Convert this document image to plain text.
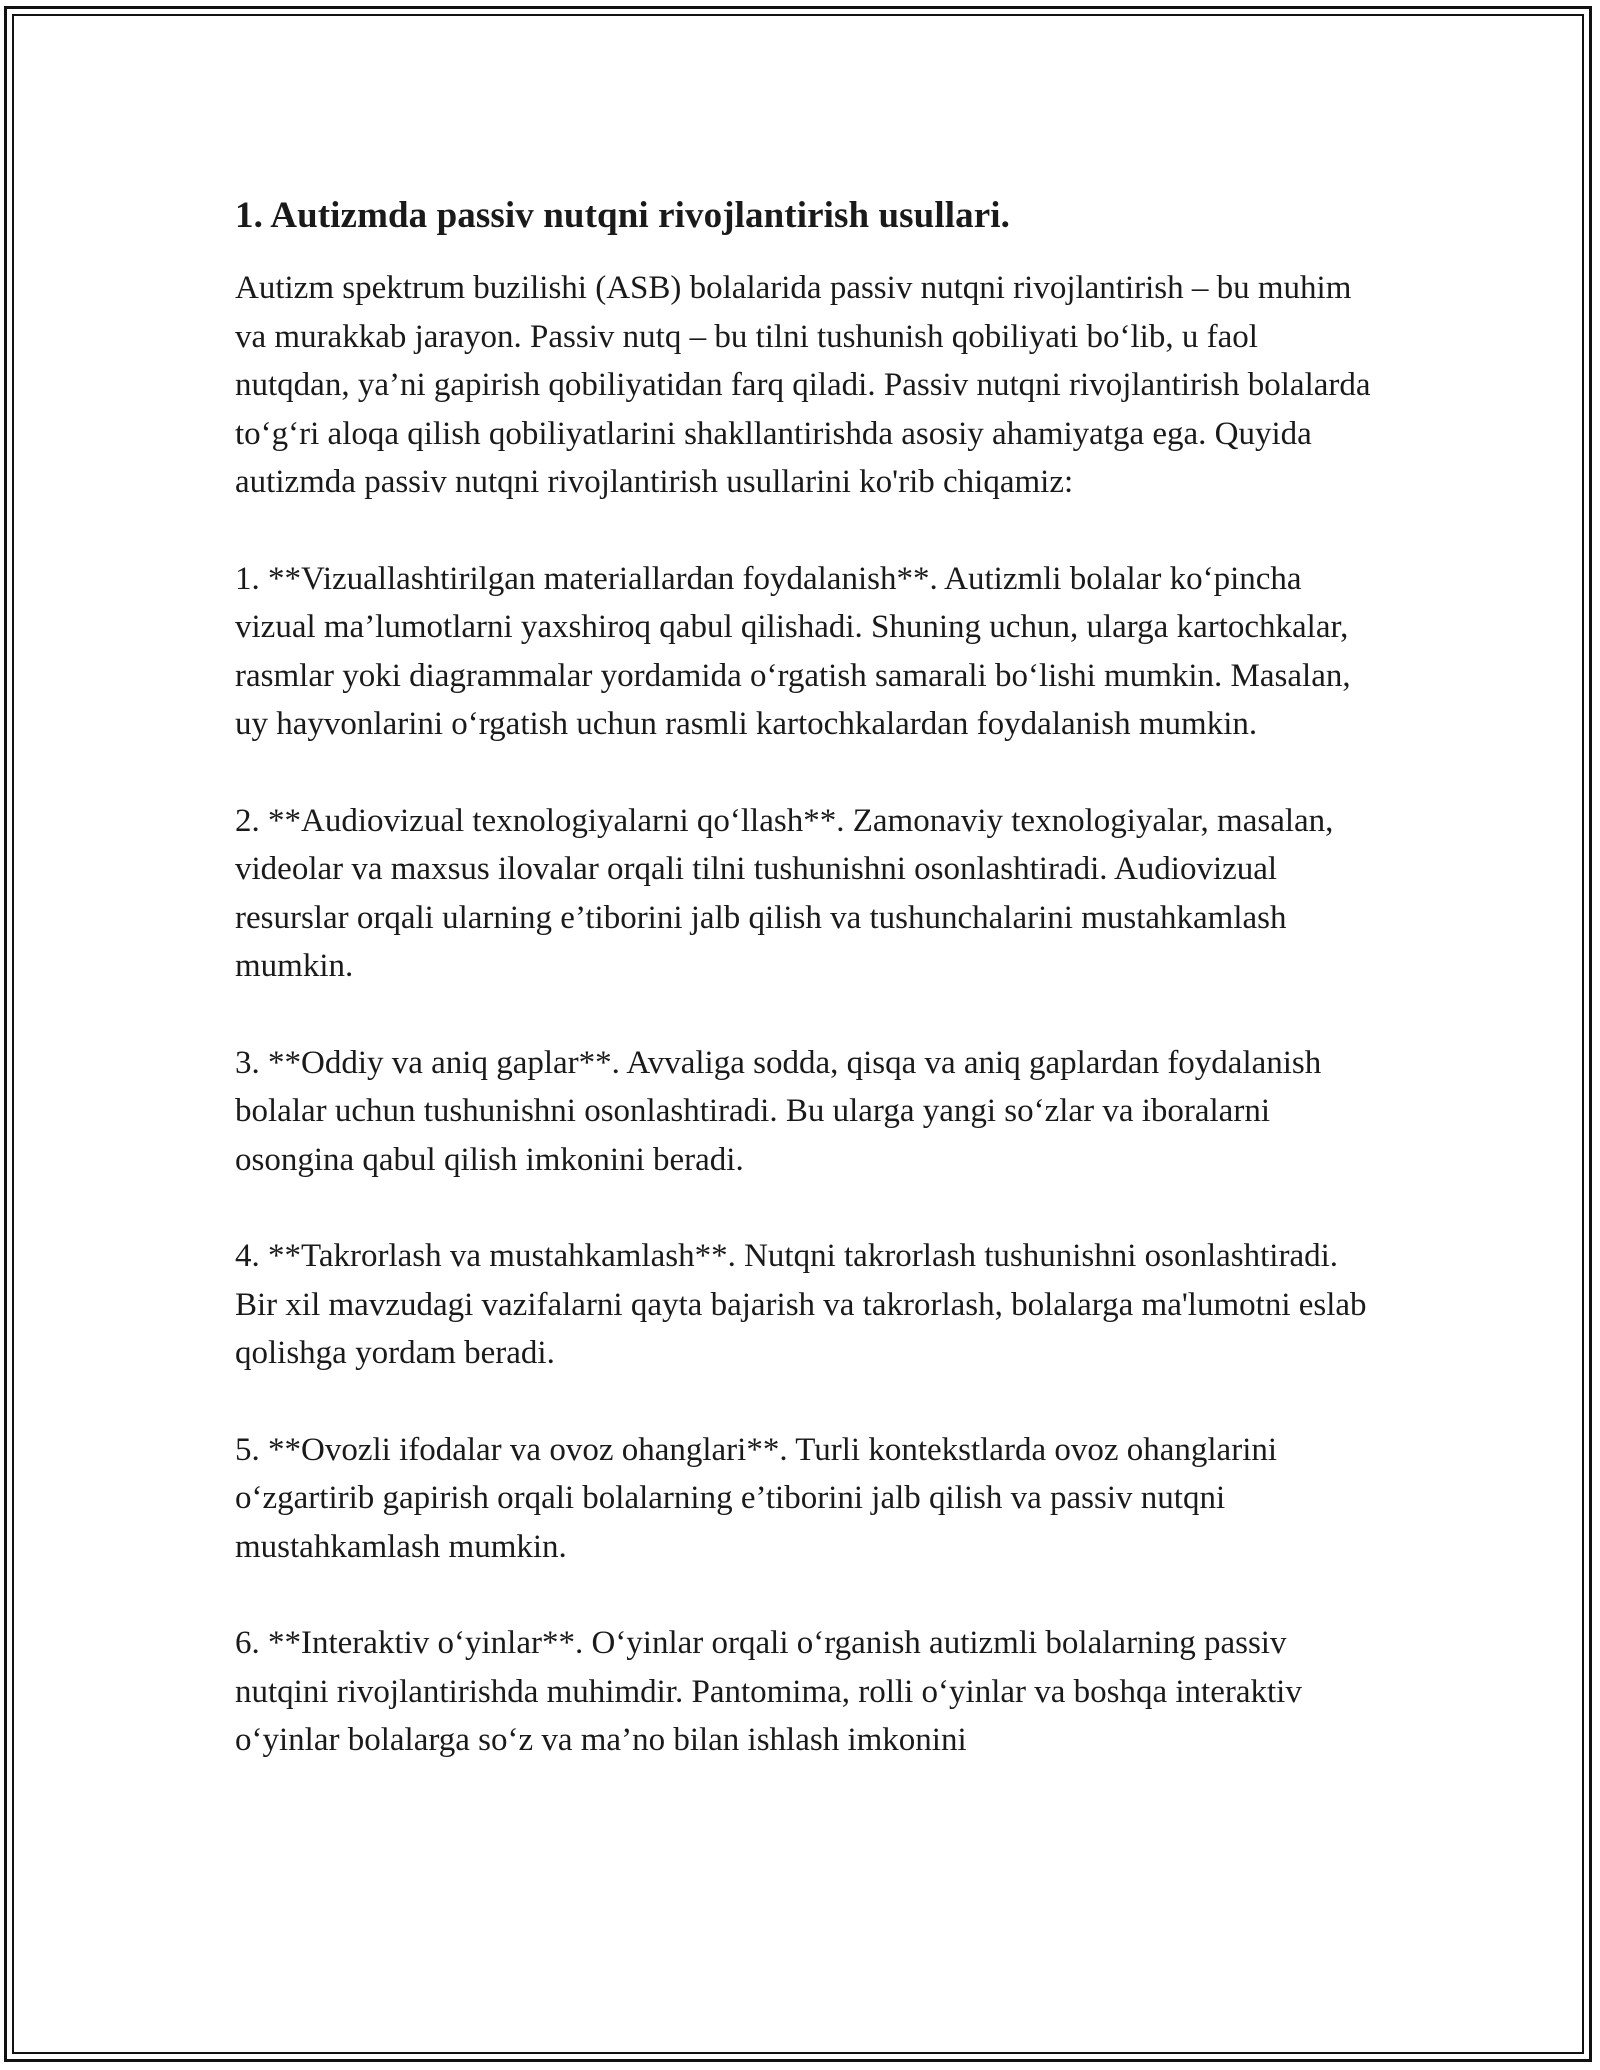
1. Autizmda passiv nutqni rivojlantirish usullari.

Autizm spektrum buzilishi (ASB) bolalarida passiv nutqni rivojlantirish – bu muhim va murakkab jarayon. Passiv nutq – bu tilni tushunish qobiliyati bo‘lib, u faol nutqdan, ya’ni gapirish qobiliyatidan farq qiladi. Passiv nutqni rivojlantirish bolalarda to‘g‘ri aloqa qilish qobiliyatlarini shakllantirishda asosiy ahamiyatga ega. Quyida autizmda passiv nutqni rivojlantirish usullarini ko'rib chiqamiz:

1. **Vizuallashtirilgan materiallardan foydalanish**. Autizmli bolalar ko‘pincha vizual ma’lumotlarni yaxshiroq qabul qilishadi. Shuning uchun, ularga kartochkalar, rasmlar yoki diagrammalar yordamida o‘rgatish samarali bo‘lishi mumkin. Masalan, uy hayvonlarini o‘rgatish uchun rasmli kartochkalardan foydalanish mumkin.

2. **Audiovizual texnologiyalarni qo‘llash**. Zamonaviy texnologiyalar, masalan, videolar va maxsus ilovalar orqali tilni tushunishni osonlashtiradi. Audiovizual resurslar orqali ularning e’tiborini jalb qilish va tushunchalarini mustahkamlash mumkin.

3. **Oddiy va aniq gaplar**. Avvaliga sodda, qisqa va aniq gaplardan foydalanish bolalar uchun tushunishni osonlashtiradi. Bu ularga yangi so‘zlar va iboralarni osongina qabul qilish imkonini beradi.

4. **Takrorlash va mustahkamlash**. Nutqni takrorlash tushunishni osonlashtiradi. Bir xil mavzudagi vazifalarni qayta bajarish va takrorlash, bolalarga ma'lumotni eslab qolishga yordam beradi.

5. **Ovozli ifodalar va ovoz ohanglari**. Turli kontekstlarda ovoz ohanglarini o‘zgartirib gapirish orqali bolalarning e’tiborini jalb qilish va passiv nutqni mustahkamlash mumkin.

6. **Interaktiv o‘yinlar**. O‘yinlar orqali o‘rganish autizmli bolalarning passiv nutqini rivojlantirishda muhimdir. Pantomima, rolli o‘yinlar va boshqa interaktiv o‘yinlar bolalarga so‘z va ma’no bilan ishlash imkonini
